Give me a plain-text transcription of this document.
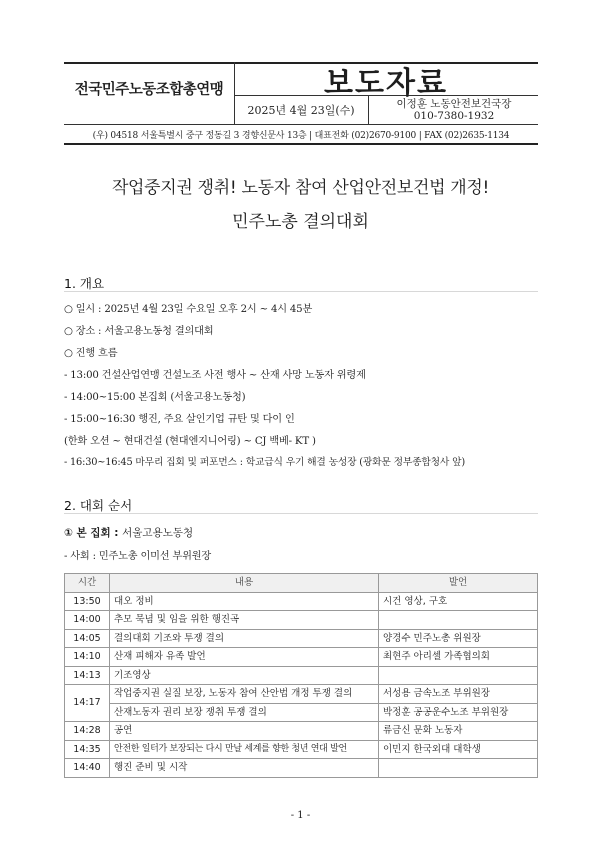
전국민주노동조합총연맹	보도자료
2025년 4월 23일(수)	이정훈 노동안전보건국장
010-7380-1932
(우) 04518 서울특별시 중구 정동길 3 경향신문사 13층 | 대표전화 (02)2670-9100 | FAX (02)2635-1134
작업중지권 쟁취! 노동자 참여 산업안전보건법 개정!
민주노총 결의대회
1. 개요
○ 일시 : 2025년 4월 23일 수요일 오후 2시 ~ 4시 45분
○ 장소 : 서울고용노동청 결의대회
○ 진행 흐름
- 13:00 건설산업연맹 건설노조 사전 행사 ~ 산재 사망 노동자 위령제
- 14:00~15:00 본집회 (서울고용노동청)
- 15:00~16:30 행진, 주요 살인기업 규탄 및 다이 인
(한화 오션 ~ 현대건설 (현대엔지니어링) ~ CJ 백베- KT )
- 16:30~16:45 마무리 집회 및 퍼포먼스 : 학교급식 우기 해결 농성장 (광화문 정부종합청사 앞)
2. 대회 순서
① 본 집회 : 서울고용노동청
- 사회 : 민주노총 이미선 부위원장
시간	내용	발언
13:50	대오 정비	시건 영상, 구호
14:00	추모 묵념 및 임을 위한 행진곡	
14:05	결의대회 기조와 투쟁 결의	양경수 민주노총 위원장
14:10	산재 피해자 유족 발언	최현주 아리셀 가족협의회
14:13	기조영상	
14:17	작업중지권 실질 보장, 노동자 참여 산안법 개정 투쟁 결의	서성용 금속노조 부위원장
	산재노동자 권리 보장 쟁취 투쟁 결의	박정훈 공공운수노조 부위원장
14:28	공연	류금신 문화 노동자
14:35	안전한 일터가 보장되는 다시 만날 세계를 향한 청년 연대 발언	이민지 한국외대 대학생
14:40	행진 준비 및 시작	
- 1 -
